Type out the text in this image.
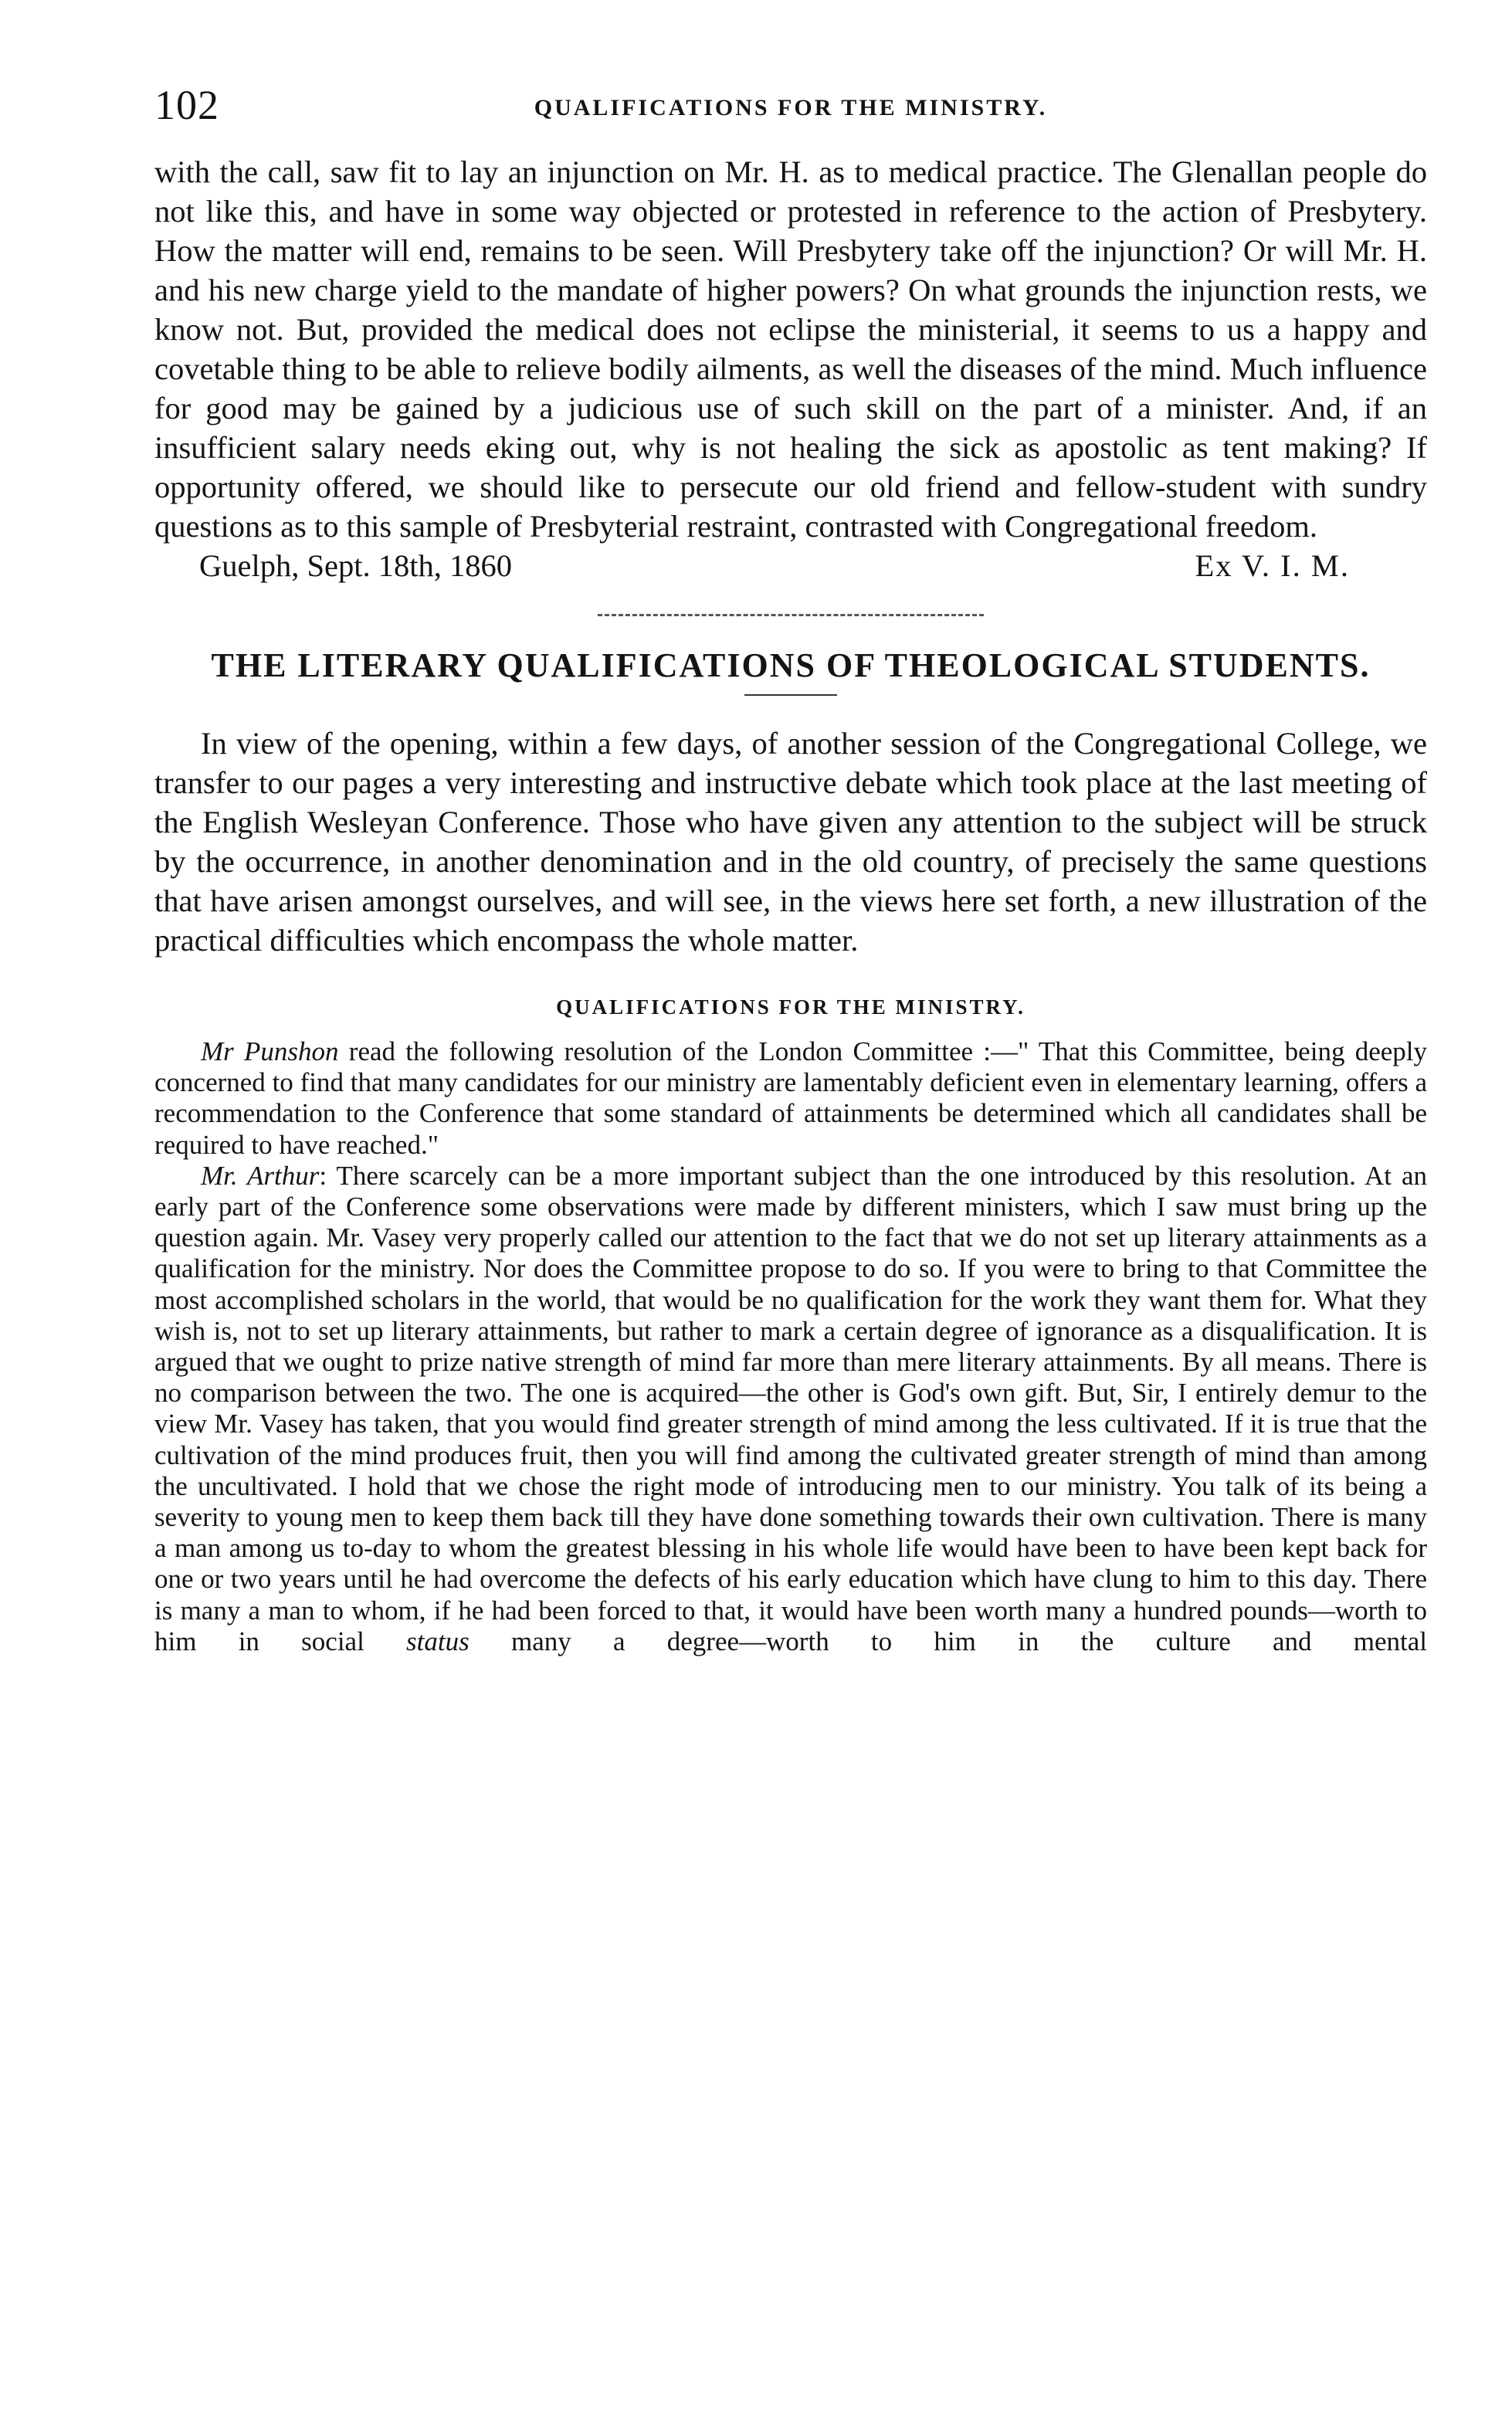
102	QUALIFICATIONS FOR THE MINISTRY.

with the call, saw fit to lay an injunction on Mr. H. as to medical practice. The Glenallan people do not like this, and have in some way objected or protested in reference to the action of Presbytery. How the matter will end, remains to be seen. Will Presbytery take off the injunction? Or will Mr. H. and his new charge yield to the mandate of higher powers? On what grounds the injunction rests, we know not. But, provided the medical does not eclipse the ministerial, it seems to us a happy and covetable thing to be able to relieve bodily ailments, as well the diseases of the mind. Much influence for good may be gained by a judicious use of such skill on the part of a minister. And, if an insufficient salary needs eking out, why is not healing the sick as apostolic as tent making? If opportunity offered, we should like to persecute our old friend and fellow-student with sundry questions as to this sample of Presbyterial restraint, contrasted with Congregational freedom.

Guelph, Sept. 18th, 1860	Ex V. I. M.
THE LITERARY QUALIFICATIONS OF THEOLOGICAL STUDENTS.

In view of the opening, within a few days, of another session of the Congregational College, we transfer to our pages a very interesting and instructive debate which took place at the last meeting of the English Wesleyan Conference. Those who have given any attention to the subject will be struck by the occurrence, in another denomination and in the old country, of precisely the same questions that have arisen amongst ourselves, and will see, in the views here set forth, a new illustration of the practical difficulties which encompass the whole matter.

QUALIFICATIONS FOR THE MINISTRY.

Mr Punshon read the following resolution of the London Committee :—" That this Committee, being deeply concerned to find that many candidates for our ministry are lamentably deficient even in elementary learning, offers a recommendation to the Conference that some standard of attainments be determined which all candidates shall be required to have reached."

Mr. Arthur: There scarcely can be a more important subject than the one introduced by this resolution. At an early part of the Conference some observations were made by different ministers, which I saw must bring up the question again. Mr. Vasey very properly called our attention to the fact that we do not set up literary attainments as a qualification for the ministry. Nor does the Committee propose to do so. If you were to bring to that Committee the most accomplished scholars in the world, that would be no qualification for the work they want them for. What they wish is, not to set up literary attainments, but rather to mark a certain degree of ignorance as a disqualification. It is argued that we ought to prize native strength of mind far more than mere literary attainments. By all means. There is no comparison between the two. The one is acquired—the other is God's own gift. But, Sir, I entirely demur to the view Mr. Vasey has taken, that you would find greater strength of mind among the less cultivated. If it is true that the cultivation of the mind produces fruit, then you will find among the cultivated greater strength of mind than among the uncultivated. I hold that we chose the right mode of introducing men to our ministry. You talk of its being a severity to young men to keep them back till they have done something towards their own cultivation. There is many a man among us to-day to whom the greatest blessing in his whole life would have been to have been kept back for one or two years until he had overcome the defects of his early education which have clung to him to this day. There is many a man to whom, if he had been forced to that, it would have been worth many a hundred pounds—worth to him in social status many a degree—worth to him in the culture and mental
